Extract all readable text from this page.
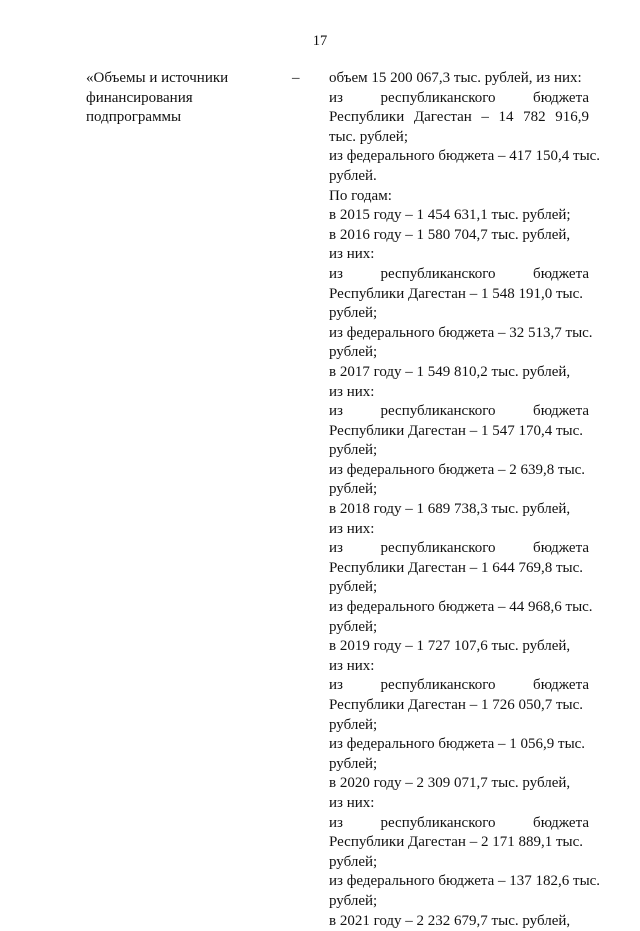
17
«Объемы и источники
финансирования
подпрограммы
– объем 15 200 067,3 тыс. рублей, из них:
из республиканского бюджета
Республики Дагестан – 14 782 916,9
тыс. рублей;
из федерального бюджета – 417 150,4 тыс.
рублей.
По годам:
в 2015 году – 1 454 631,1 тыс. рублей;
в 2016 году – 1 580 704,7 тыс. рублей,
из них:
из республиканского бюджета
Республики Дагестан – 1 548 191,0 тыс.
рублей;
из федерального бюджета – 32 513,7 тыс.
рублей;
в 2017 году – 1 549 810,2 тыс. рублей,
из них:
из республиканского бюджета
Республики Дагестан – 1 547 170,4 тыс.
рублей;
из федерального бюджета – 2 639,8 тыс.
рублей;
в 2018 году – 1 689 738,3 тыс. рублей,
из них:
из республиканского бюджета
Республики Дагестан – 1 644 769,8 тыс.
рублей;
из федерального бюджета – 44 968,6 тыс.
рублей;
в 2019 году – 1 727 107,6 тыс. рублей,
из них:
из республиканского бюджета
Республики Дагестан – 1 726 050,7 тыс.
рублей;
из федерального бюджета – 1 056,9 тыс.
рублей;
в 2020 году – 2 309 071,7 тыс. рублей,
из них:
из республиканского бюджета
Республики Дагестан – 2 171 889,1 тыс.
рублей;
из федерального бюджета – 137 182,6 тыс.
рублей;
в 2021 году – 2 232 679,7 тыс. рублей,
